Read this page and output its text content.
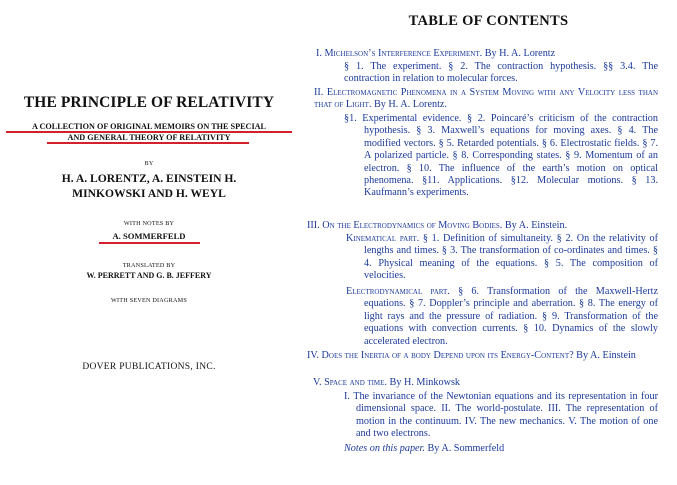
THE PRINCIPLE OF RELATIVITY
A COLLECTION OF ORIGINAL MEMOIRS ON THE SPECIAL
AND GENERAL THEORY OF RELATIVITY
BY
H. A. LORENTZ, A. EINSTEIN H.
MINKOWSKI AND H. WEYL
WITH NOTES BY
A. SOMMERFELD
TRANSLATED BY
W. PERRETT AND G. B. JEFFERY
WITH SEVEN DIAGRAMS
DOVER PUBLICATIONS, INC.
TABLE OF CONTENTS
I. Michelson’s Interference Experiment. By H. A. Lorentz
§ 1. The experiment. § 2. The contraction hypothesis. §§ 3.4. The contraction in relation to molecular forces.
II. Electromagnetic Phenomena in a System Moving with any Velocity less than that of Light. By H. A. Lorentz.
§1. Experimental evidence. § 2. Poincaré’s criticism of the contraction hypothesis. § 3. Maxwell’s equations for moving axes. § 4. The modified vectors. § 5. Retarded potentials. § 6. Electrostatic fields. § 7. A polarized particle. § 8. Corresponding states. § 9. Momentum of an electron. § 10. The influence of the earth’s motion on optical phenomena. §11. Applications. §12. Molecular motions. § 13. Kaufmann’s experiments.
III. On the Electrodynamics of Moving Bodies. By A. Einstein.
Kinematical part. § 1. Definition of simultaneity. § 2. On the relativity of lengths and times. § 3. The transformation of co-ordinates and times. § 4. Physical meaning of the equations. § 5. The composition of velocities.
Electrodynamical part. § 6. Transformation of the Maxwell-Hertz equations. § 7. Doppler’s principle and aberration. § 8. The energy of light rays and the pressure of radiation. § 9. Transformation of the equations with convection currents. § 10. Dynamics of the slowly accelerated electron.
IV. Does the Inertia of a body Depend upon its Energy-Content? By A. Einstein
V. Space and time. By H. Minkowsk
I. The invariance of the Newtonian equations and its representation in four dimensional space. II. The world-postulate. III. The representation of motion in the continuum. IV. The new mechanics. V. The motion of one and two electrons.
Notes on this paper. By A. Sommerfeld
